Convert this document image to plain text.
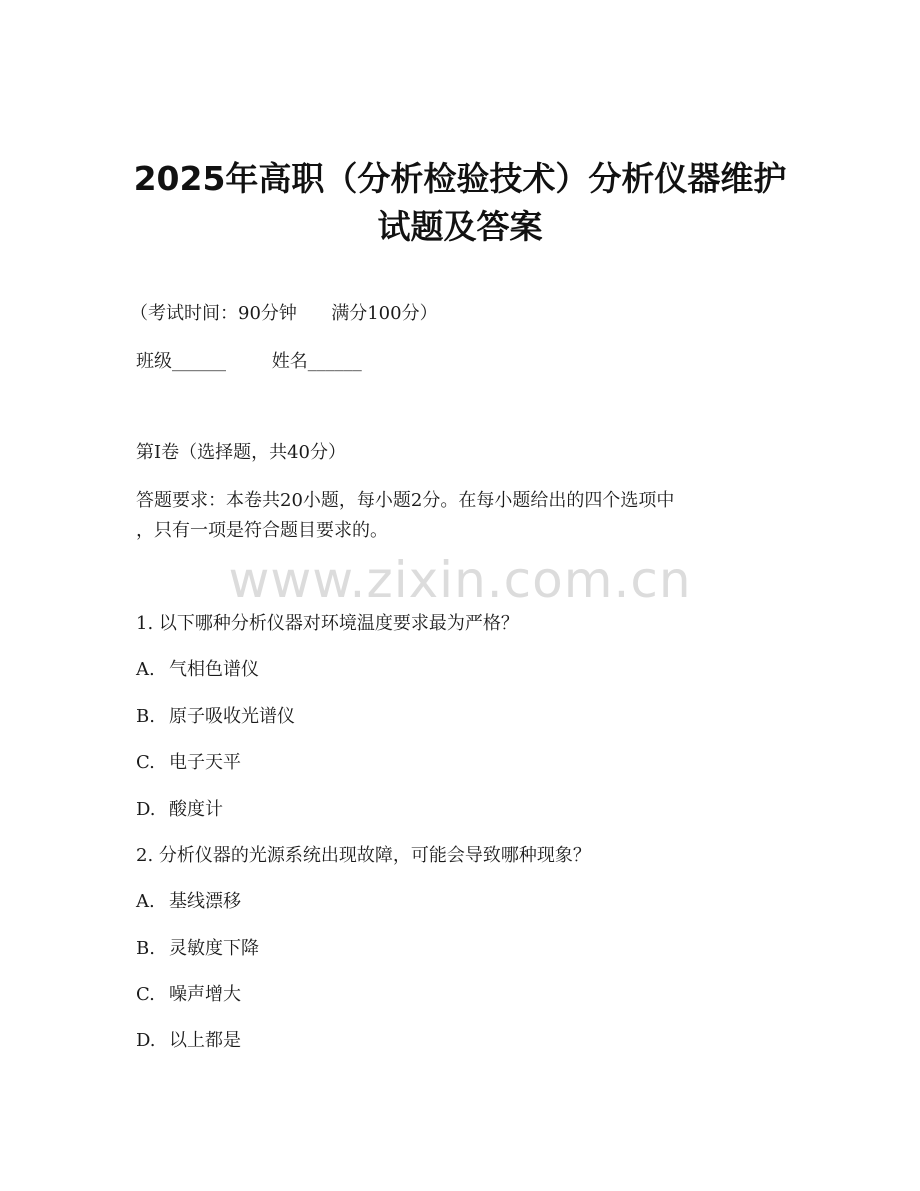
2025年高职（分析检验技术）分析仪器维护
试题及答案
（考试时间：90分钟      满分100分）
班级______        姓名______
第I卷（选择题，共40分）
答题要求：本卷共20小题，每小题2分。在每小题给出的四个选项中
，只有一项是符合题目要求的。
www.zixin.com.cn
1. 以下哪种分析仪器对环境温度要求最为严格？
A. 气相色谱仪
B. 原子吸收光谱仪
C. 电子天平
D. 酸度计
2. 分析仪器的光源系统出现故障，可能会导致哪种现象？
A. 基线漂移
B. 灵敏度下降
C. 噪声增大
D. 以上都是
